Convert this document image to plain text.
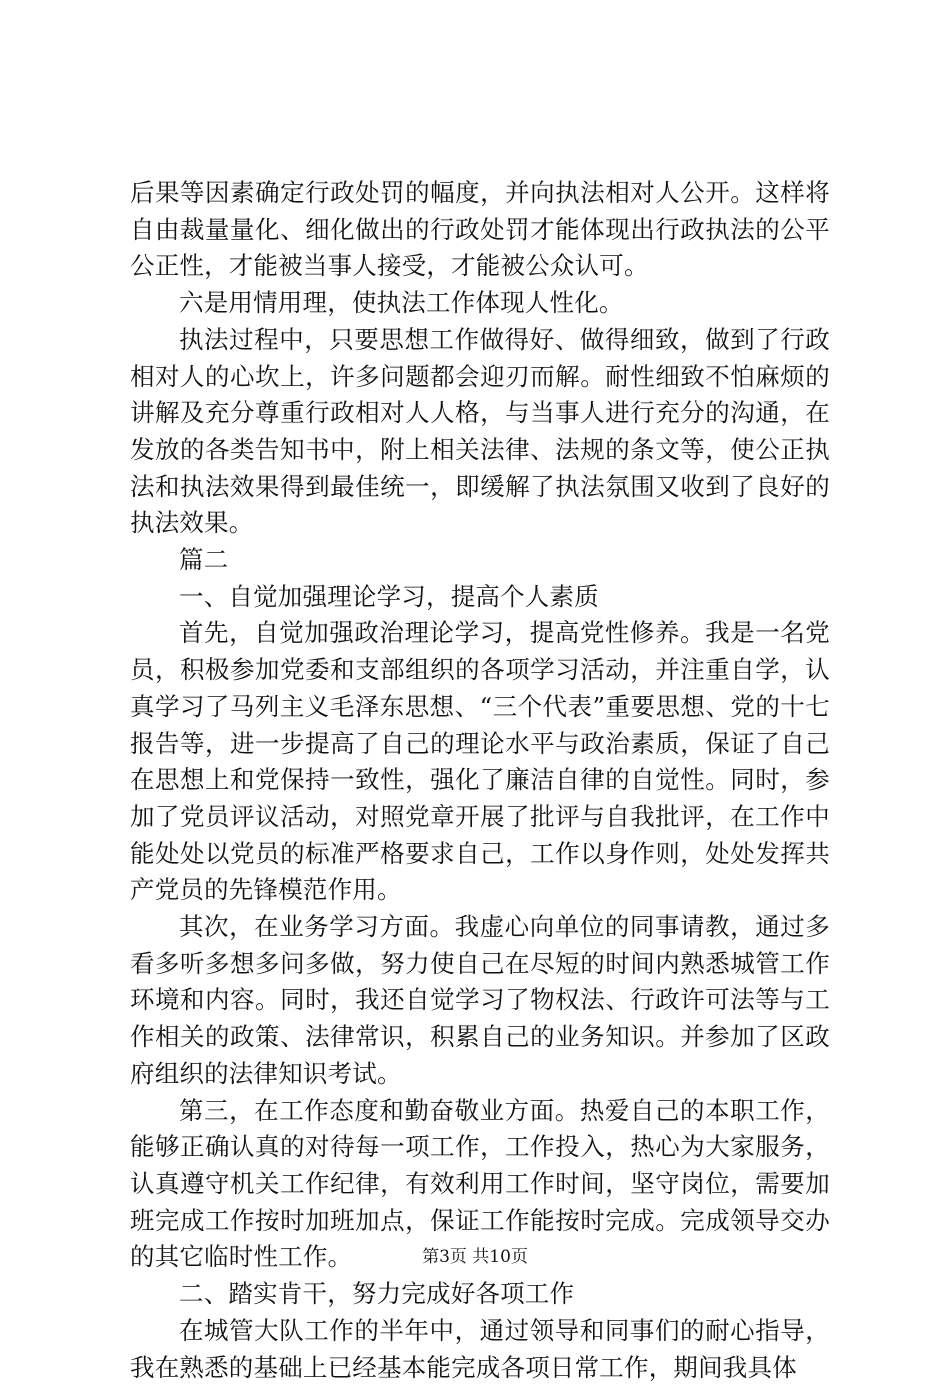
后果等因素确定行政处罚的幅度，并向执法相对人公开。这样将自由裁量量化、细化做出的行政处罚才能体现出行政执法的公平公正性，才能被当事人接受，才能被公众认可。

六是用情用理，使执法工作体现人性化。

执法过程中，只要思想工作做得好、做得细致，做到了行政相对人的心坎上，许多问题都会迎刃而解。耐性细致不怕麻烦的讲解及充分尊重行政相对人人格，与当事人进行充分的沟通，在发放的各类告知书中，附上相关法律、法规的条文等，使公正执法和执法效果得到最佳统一，即缓解了执法氛围又收到了良好的执法效果。

篇二

一、自觉加强理论学习，提高个人素质

首先，自觉加强政治理论学习，提高党性修养。我是一名党员，积极参加党委和支部组织的各项学习活动，并注重自学，认真学习了马列主义毛泽东思想、“三个代表”重要思想、党的十七报告等，进一步提高了自己的理论水平与政治素质，保证了自己在思想上和党保持一致性，强化了廉洁自律的自觉性。同时，参加了党员评议活动，对照党章开展了批评与自我批评，在工作中能处处以党员的标准严格要求自己，工作以身作则，处处发挥共产党员的先锋模范作用。

其次，在业务学习方面。我虚心向单位的同事请教，通过多看多听多想多问多做，努力使自己在尽短的时间内熟悉城管工作环境和内容。同时，我还自觉学习了物权法、行政许可法等与工作相关的政策、法律常识，积累自己的业务知识。并参加了区政府组织的法律知识考试。

第三，在工作态度和勤奋敬业方面。热爱自己的本职工作，能够正确认真的对待每一项工作，工作投入，热心为大家服务，认真遵守机关工作纪律，有效利用工作时间，坚守岗位，需要加班完成工作按时加班加点，保证工作能按时完成。完成领导交办的其它临时性工作。

二、踏实肯干，努力完成好各项工作

在城管大队工作的半年中，通过领导和同事们的耐心指导，我在熟悉的基础上已经基本能完成各项日常工作，期间我具体

第3页 共10页
